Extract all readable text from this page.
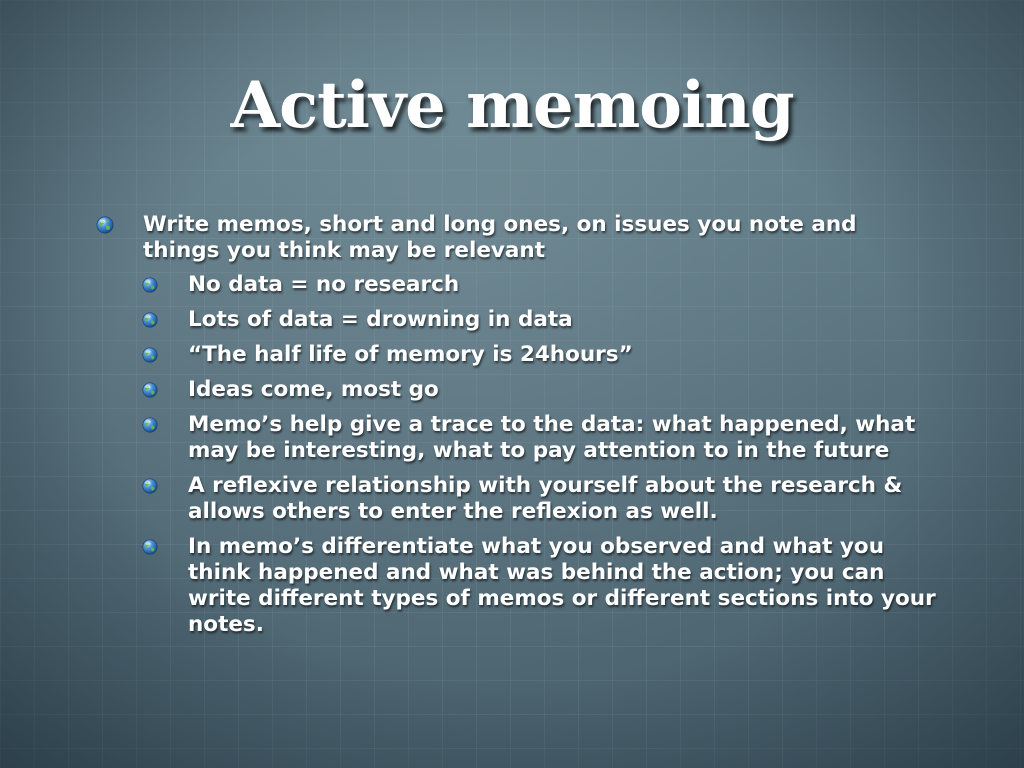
Active memoing
Write memos, short and long ones, on issues you note and things you think may be relevant
No data = no research
Lots of data = drowning in data
“The half life of memory is 24hours”
Ideas come, most go
Memo’s help give a trace to the data: what happened, what may be interesting, what to pay attention to in the future
A reflexive relationship with yourself about the research & allows others to enter the reflexion as well.
In memo’s differentiate what you observed and what you think happened and what was behind the action; you can write different types of memos or different sections into your notes.
